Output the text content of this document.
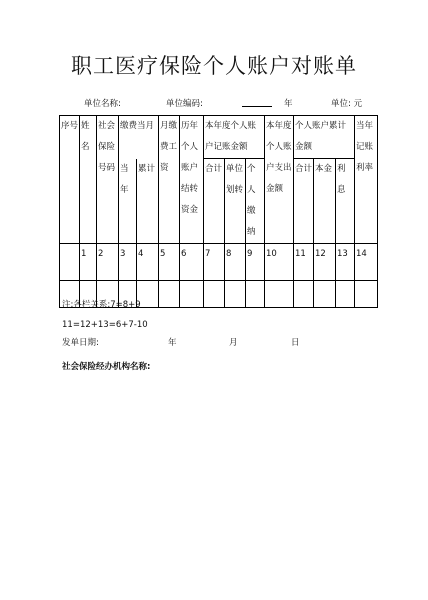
职工医疗保险个人账户对账单
单位名称:	单位编码:	年	单位: 元
序号	姓名	社会保险号码	缴费当月		月缴费工资	历年个人账户结转资金	本年度个人账户记账金额			本年度个人账户支出金额	个人账户累计金额			当年记账利率
			当年	累计			合计	单位划转	个人缴纳		合计	本金	利息	
	1	2	3	4	5	6	7	8	9	10	11	12	13	14

注:各栏关系:7=8+9
11=12+13=6+7-10
发单日期:	年	月	日
社会保险经办机构名称:
